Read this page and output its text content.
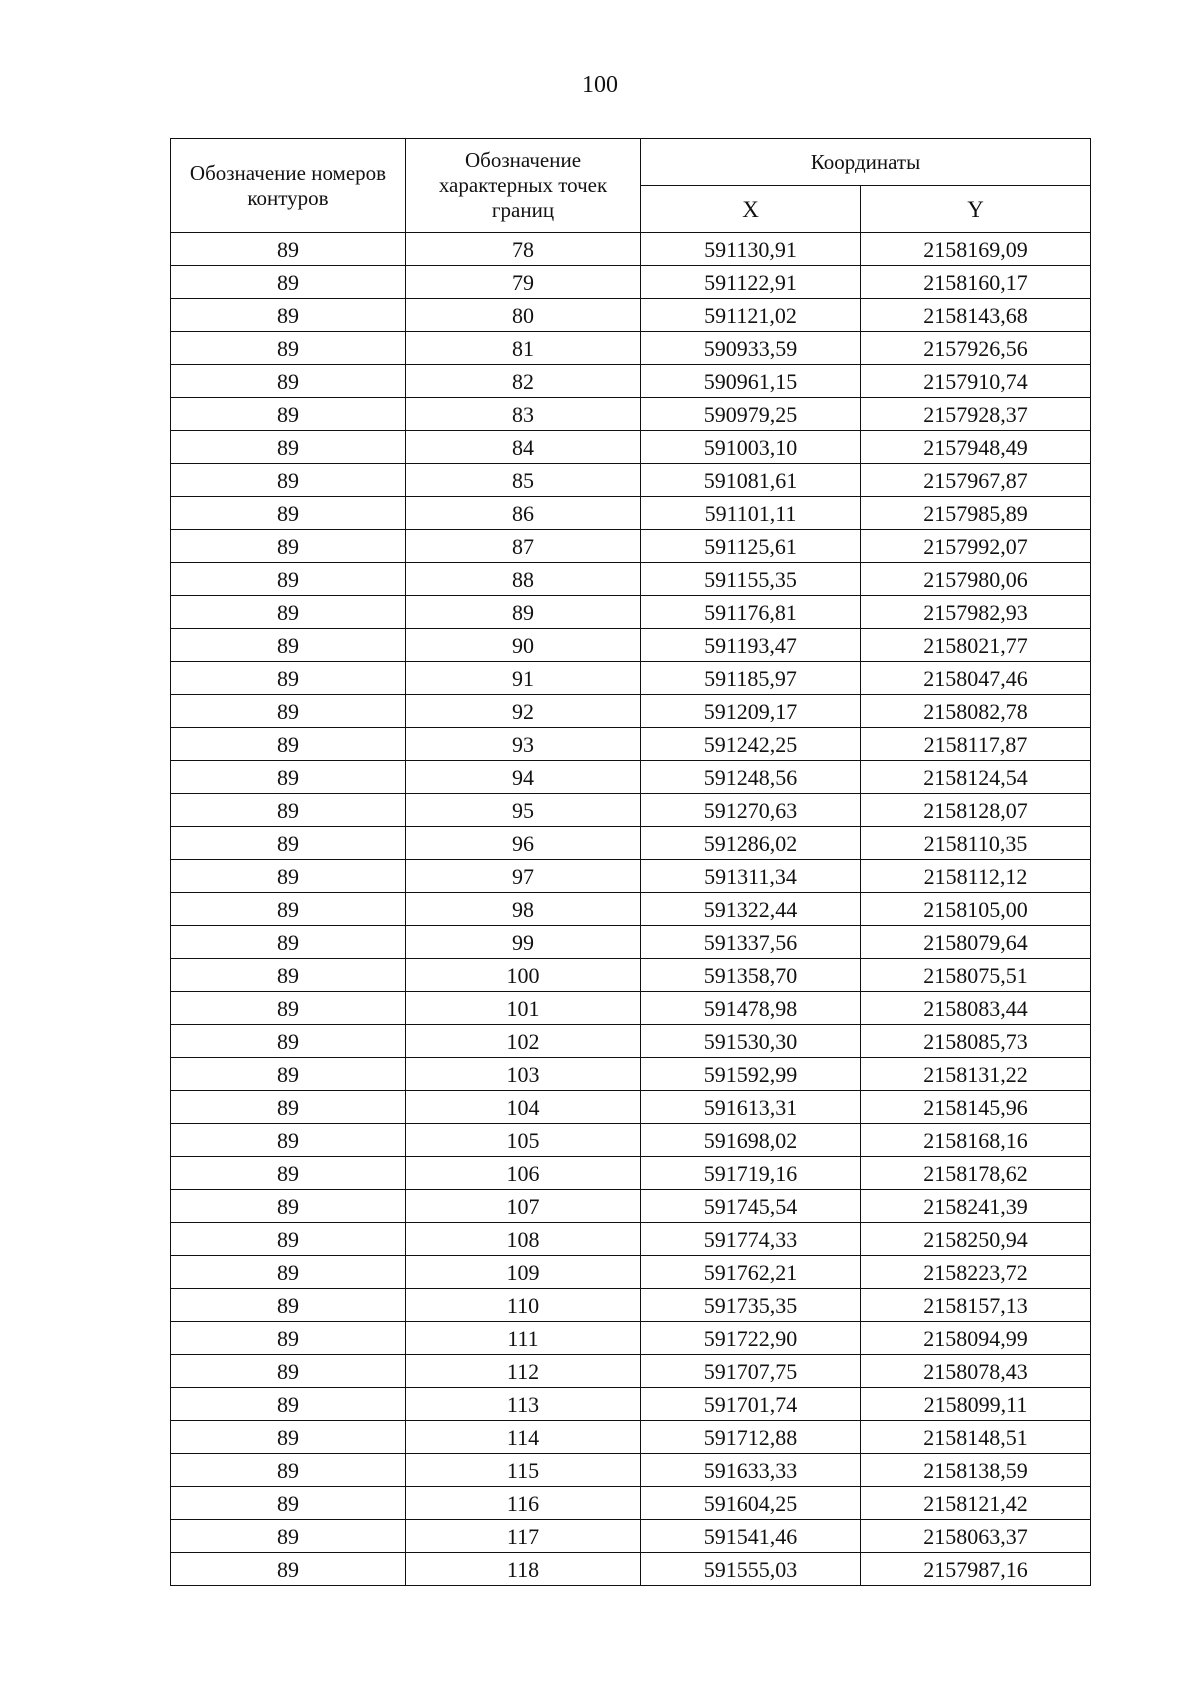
100
Обозначение номеров контуров	Обозначение характерных точек границ	Координаты	
		X	Y
89	78	591130,91	2158169,09
89	79	591122,91	2158160,17
89	80	591121,02	2158143,68
89	81	590933,59	2157926,56
89	82	590961,15	2157910,74
89	83	590979,25	2157928,37
89	84	591003,10	2157948,49
89	85	591081,61	2157967,87
89	86	591101,11	2157985,89
89	87	591125,61	2157992,07
89	88	591155,35	2157980,06
89	89	591176,81	2157982,93
89	90	591193,47	2158021,77
89	91	591185,97	2158047,46
89	92	591209,17	2158082,78
89	93	591242,25	2158117,87
89	94	591248,56	2158124,54
89	95	591270,63	2158128,07
89	96	591286,02	2158110,35
89	97	591311,34	2158112,12
89	98	591322,44	2158105,00
89	99	591337,56	2158079,64
89	100	591358,70	2158075,51
89	101	591478,98	2158083,44
89	102	591530,30	2158085,73
89	103	591592,99	2158131,22
89	104	591613,31	2158145,96
89	105	591698,02	2158168,16
89	106	591719,16	2158178,62
89	107	591745,54	2158241,39
89	108	591774,33	2158250,94
89	109	591762,21	2158223,72
89	110	591735,35	2158157,13
89	111	591722,90	2158094,99
89	112	591707,75	2158078,43
89	113	591701,74	2158099,11
89	114	591712,88	2158148,51
89	115	591633,33	2158138,59
89	116	591604,25	2158121,42
89	117	591541,46	2158063,37
89	118	591555,03	2157987,16
